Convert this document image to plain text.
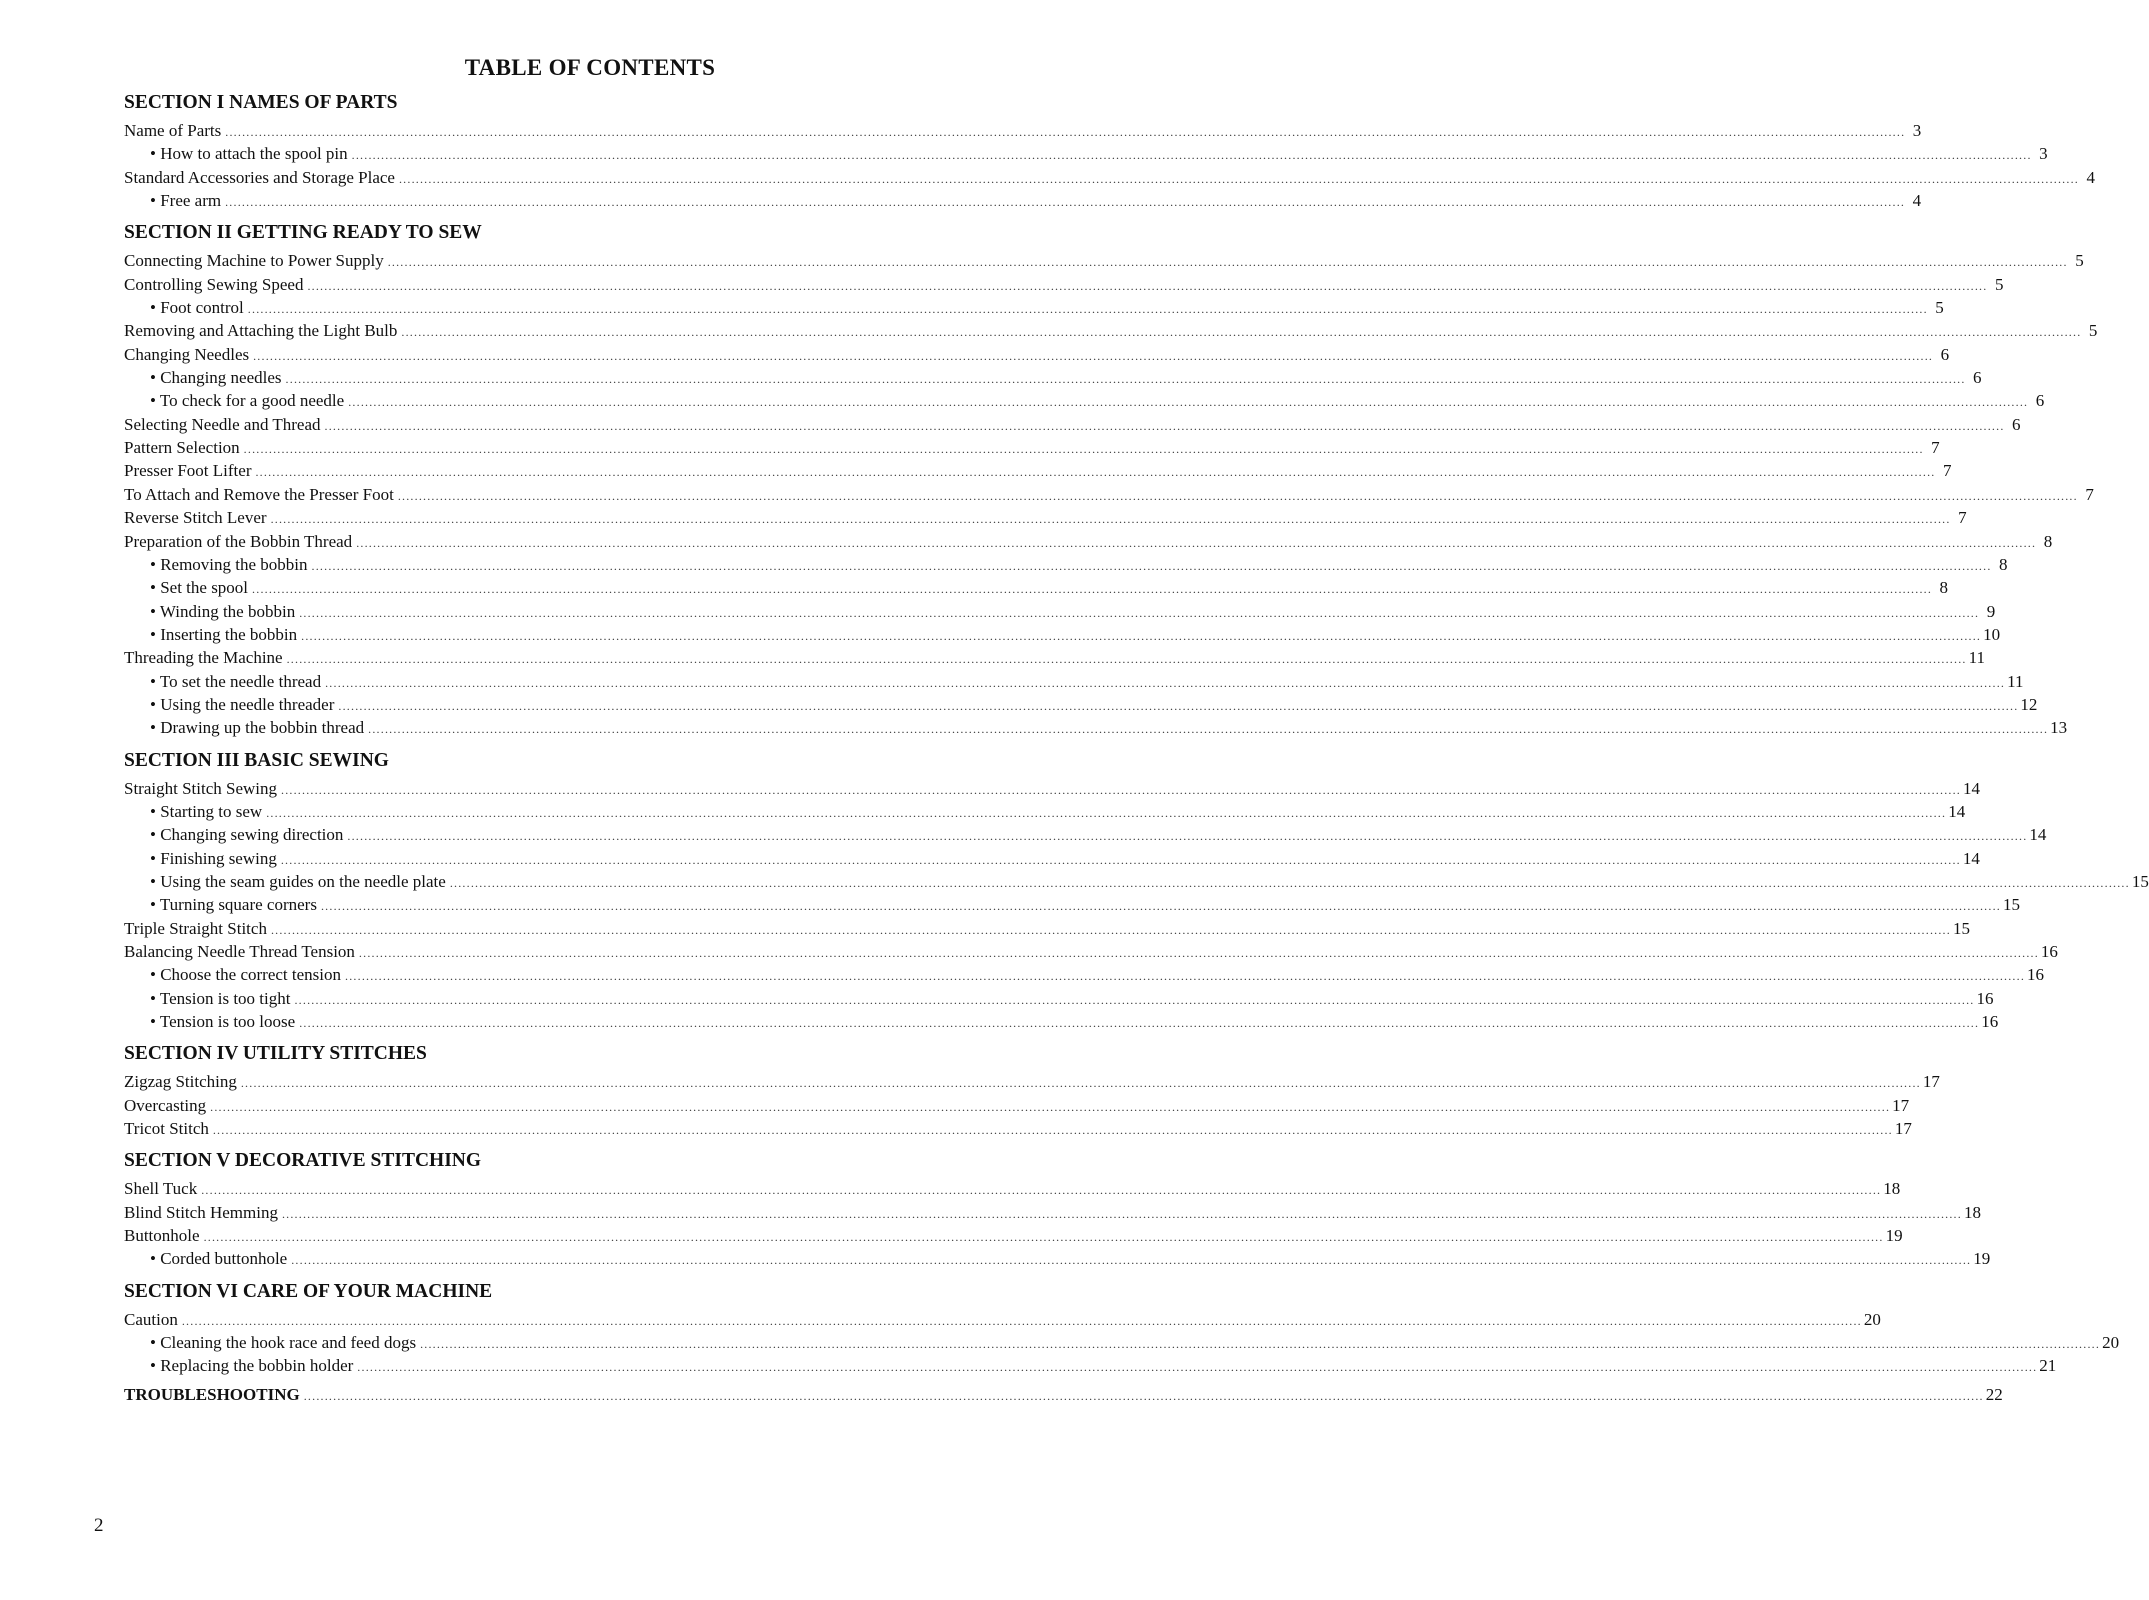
TABLE OF CONTENTS
SECTION I NAMES OF PARTS
Name of Parts ................................................................................................................................................................................................................................................................................................................................................................................................................ 3
• How to attach the spool pin ................................................................................................................................................................................................................................................................................................................................................................................................................ 3
Standard Accessories and Storage Place ................................................................................................................................................................................................................................................................................................................................................................................................................ 4
• Free arm ................................................................................................................................................................................................................................................................................................................................................................................................................ 4
SECTION II GETTING READY TO SEW
Connecting Machine to Power Supply ................................................................................................................................................................................................................................................................................................................................................................................................................ 5
Controlling Sewing Speed ................................................................................................................................................................................................................................................................................................................................................................................................................ 5
• Foot control ................................................................................................................................................................................................................................................................................................................................................................................................................ 5
Removing and Attaching the Light Bulb ................................................................................................................................................................................................................................................................................................................................................................................................................ 5
Changing Needles ................................................................................................................................................................................................................................................................................................................................................................................................................ 6
• Changing needles ................................................................................................................................................................................................................................................................................................................................................................................................................ 6
• To check for a good needle ................................................................................................................................................................................................................................................................................................................................................................................................................ 6
Selecting Needle and Thread ................................................................................................................................................................................................................................................................................................................................................................................................................ 6
Pattern Selection ................................................................................................................................................................................................................................................................................................................................................................................................................ 7
Presser Foot Lifter ................................................................................................................................................................................................................................................................................................................................................................................................................ 7
To Attach and Remove the Presser Foot ................................................................................................................................................................................................................................................................................................................................................................................................................ 7
Reverse Stitch Lever ................................................................................................................................................................................................................................................................................................................................................................................................................ 7
Preparation of the Bobbin Thread ................................................................................................................................................................................................................................................................................................................................................................................................................ 8
• Removing the bobbin ................................................................................................................................................................................................................................................................................................................................................................................................................ 8
• Set the spool ................................................................................................................................................................................................................................................................................................................................................................................................................ 8
• Winding the bobbin ................................................................................................................................................................................................................................................................................................................................................................................................................ 9
• Inserting the bobbin ................................................................................................................................................................................................................................................................................................................................................................................................................ 10
Threading the Machine ................................................................................................................................................................................................................................................................................................................................................................................................................ 11
• To set the needle thread ................................................................................................................................................................................................................................................................................................................................................................................................................ 11
• Using the needle threader ................................................................................................................................................................................................................................................................................................................................................................................................................ 12
• Drawing up the bobbin thread ................................................................................................................................................................................................................................................................................................................................................................................................................ 13
SECTION III BASIC SEWING
Straight Stitch Sewing ................................................................................................................................................................................................................................................................................................................................................................................................................ 14
• Starting to sew ................................................................................................................................................................................................................................................................................................................................................................................................................ 14
• Changing sewing direction ................................................................................................................................................................................................................................................................................................................................................................................................................ 14
• Finishing sewing ................................................................................................................................................................................................................................................................................................................................................................................................................ 14
• Using the seam guides on the needle plate ................................................................................................................................................................................................................................................................................................................................................................................................................ 15
• Turning square corners ................................................................................................................................................................................................................................................................................................................................................................................................................ 15
Triple Straight Stitch ................................................................................................................................................................................................................................................................................................................................................................................................................ 15
Balancing Needle Thread Tension ................................................................................................................................................................................................................................................................................................................................................................................................................ 16
• Choose the correct tension ................................................................................................................................................................................................................................................................................................................................................................................................................ 16
• Tension is too tight ................................................................................................................................................................................................................................................................................................................................................................................................................ 16
• Tension is too loose ................................................................................................................................................................................................................................................................................................................................................................................................................ 16
SECTION IV UTILITY STITCHES
Zigzag Stitching ................................................................................................................................................................................................................................................................................................................................................................................................................ 17
Overcasting ................................................................................................................................................................................................................................................................................................................................................................................................................ 17
Tricot Stitch ................................................................................................................................................................................................................................................................................................................................................................................................................ 17
SECTION V DECORATIVE STITCHING
Shell Tuck ................................................................................................................................................................................................................................................................................................................................................................................................................ 18
Blind Stitch Hemming ................................................................................................................................................................................................................................................................................................................................................................................................................ 18
Buttonhole ................................................................................................................................................................................................................................................................................................................................................................................................................ 19
• Corded buttonhole ................................................................................................................................................................................................................................................................................................................................................................................................................ 19
SECTION VI CARE OF YOUR MACHINE
Caution ................................................................................................................................................................................................................................................................................................................................................................................................................ 20
• Cleaning the hook race and feed dogs ................................................................................................................................................................................................................................................................................................................................................................................................................ 20
• Replacing the bobbin holder ................................................................................................................................................................................................................................................................................................................................................................................................................ 21
TROUBLESHOOTING ................................................................................................................................................................................................................................................................................................................................................................................................................ 22
2
